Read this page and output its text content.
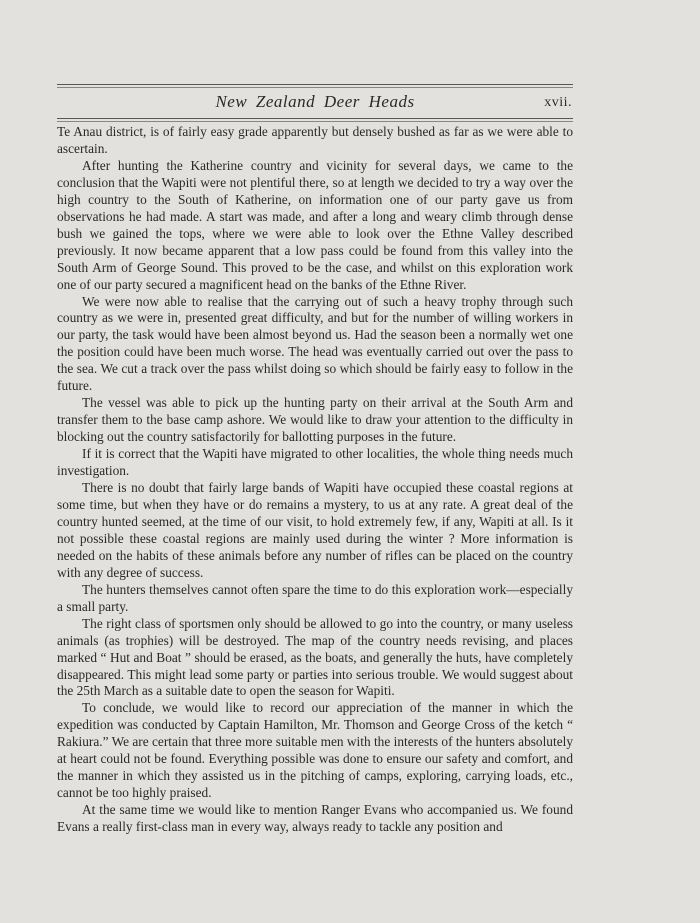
New Zealand Deer Heads	xvii.

Te Anau district, is of fairly easy grade apparently but densely bushed as far as we were able to ascertain.

After hunting the Katherine country and vicinity for several days, we came to the conclusion that the Wapiti were not plentiful there, so at length we decided to try a way over the high country to the South of Katherine, on information one of our party gave us from observations he had made. A start was made, and after a long and weary climb through dense bush we gained the tops, where we were able to look over the Ethne Valley described previously. It now became apparent that a low pass could be found from this valley into the South Arm of George Sound. This proved to be the case, and whilst on this exploration work one of our party secured a magnificent head on the banks of the Ethne River.

We were now able to realise that the carrying out of such a heavy trophy through such country as we were in, presented great difficulty, and but for the number of willing workers in our party, the task would have been almost beyond us. Had the season been a normally wet one the position could have been much worse. The head was eventually carried out over the pass to the sea. We cut a track over the pass whilst doing so which should be fairly easy to follow in the future.

The vessel was able to pick up the hunting party on their arrival at the South Arm and transfer them to the base camp ashore. We would like to draw your attention to the difficulty in blocking out the country satisfactorily for ballotting purposes in the future.

If it is correct that the Wapiti have migrated to other localities, the whole thing needs much investigation.

There is no doubt that fairly large bands of Wapiti have occupied these coastal regions at some time, but when they have or do remains a mystery, to us at any rate. A great deal of the country hunted seemed, at the time of our visit, to hold extremely few, if any, Wapiti at all. Is it not possible these coastal regions are mainly used during the winter ? More information is needed on the habits of these animals before any number of rifles can be placed on the country with any degree of success.

The hunters themselves cannot often spare the time to do this exploration work—especially a small party.

The right class of sportsmen only should be allowed to go into the country, or many useless animals (as trophies) will be destroyed. The map of the country needs revising, and places marked “ Hut and Boat ” should be erased, as the boats, and generally the huts, have completely disappeared. This might lead some party or parties into serious trouble. We would suggest about the 25th March as a suitable date to open the season for Wapiti.

To conclude, we would like to record our appreciation of the manner in which the expedition was conducted by Captain Hamilton, Mr. Thomson and George Cross of the ketch “ Rakiura.” We are certain that three more suitable men with the interests of the hunters absolutely at heart could not be found. Everything possible was done to ensure our safety and comfort, and the manner in which they assisted us in the pitching of camps, exploring, carrying loads, etc., cannot be too highly praised.

At the same time we would like to mention Ranger Evans who accompanied us. We found Evans a really first-class man in every way, always ready to tackle any position and
